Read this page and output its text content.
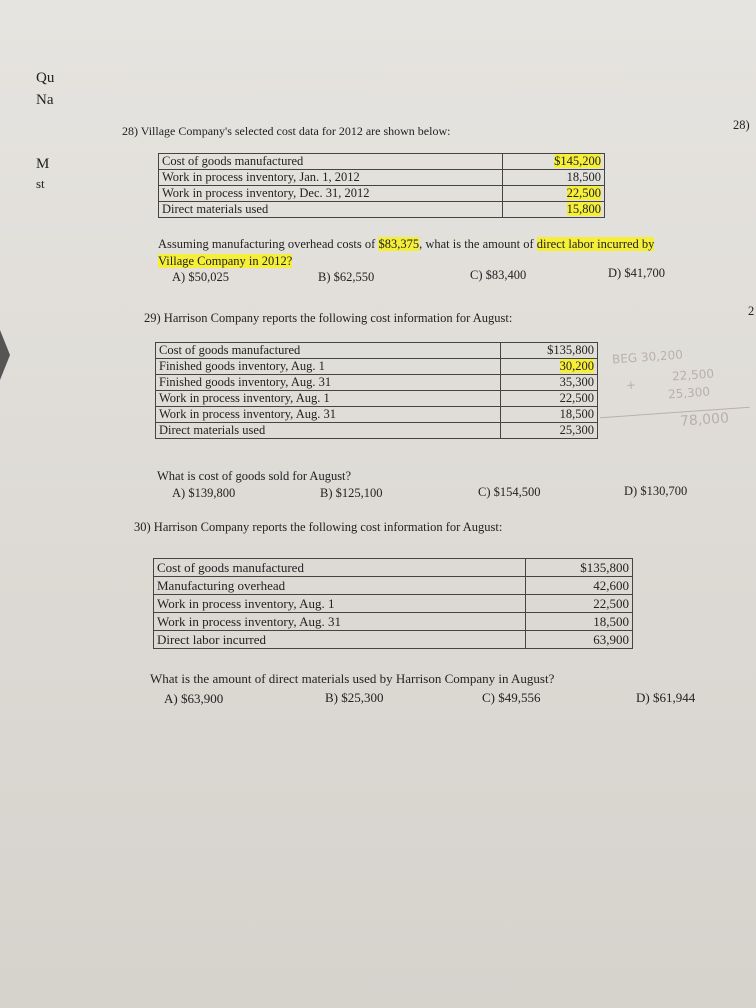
Qu
Na
M
st
28)
2
28) Village Company's selected cost data for 2012 are shown below:
Cost of goods manufactured	$145,200
Work in process inventory, Jan. 1, 2012	18,500
Work in process inventory, Dec. 31, 2012	22,500
Direct materials used	15,800
Assuming manufacturing overhead costs of $83,375, what is the amount of direct labor incurred by
Village Company in 2012?
A) $50,025	B) $62,550	C) $83,400	D) $41,700
29) Harrison Company reports the following cost information for August:
Cost of goods manufactured	$135,800
Finished goods inventory, Aug. 1	30,200
Finished goods inventory, Aug. 31	35,300
Work in process inventory, Aug. 1	22,500
Work in process inventory, Aug. 31	18,500
Direct materials used	25,300
BEG 30,200
22,500
+	25,300
78,000
What is cost of goods sold for August?
A) $139,800	B) $125,100	C) $154,500	D) $130,700
30) Harrison Company reports the following cost information for August:
Cost of goods manufactured	$135,800
Manufacturing overhead	42,600
Work in process inventory, Aug. 1	22,500
Work in process inventory, Aug. 31	18,500
Direct labor incurred	63,900
What is the amount of direct materials used by Harrison Company in August?
A) $63,900	B) $25,300	C) $49,556	D) $61,944
